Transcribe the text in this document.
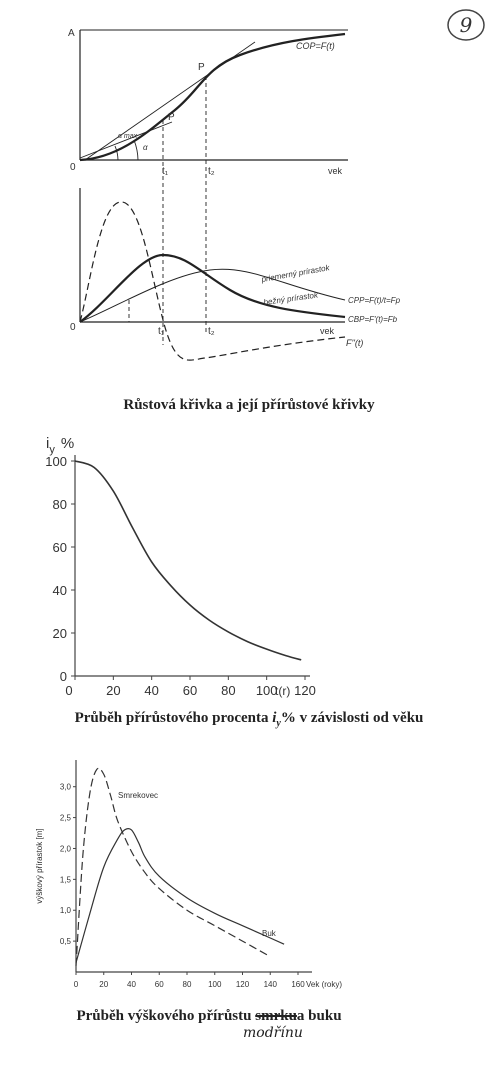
9
A
0	vek
COP=F(t)
P
P
α max
α
t₁	t₂
0	vek
t₁	t₂
priemerný prírastok
bežný prírastok	CPP=F(t)/t=Fp
CBP=F'(t)=Fb
F''(t)
0
20
40
60
80
100
0	20 40 60 80 100 120
$i_y$ %
t(r)
0,5
1,0
1,5
2,0
2,5
3,0
0	20 40 60 80 100 120 140 160
Smrekovec
Buk
výškový přírastok [m]
Vek (roky)
Růstová křivka a její přírůstové křivky
Průběh přírůstového procenta $i_y\%$ v závislosti od věku
Průběh výškového přírůstu smrkua buku
modřínu
